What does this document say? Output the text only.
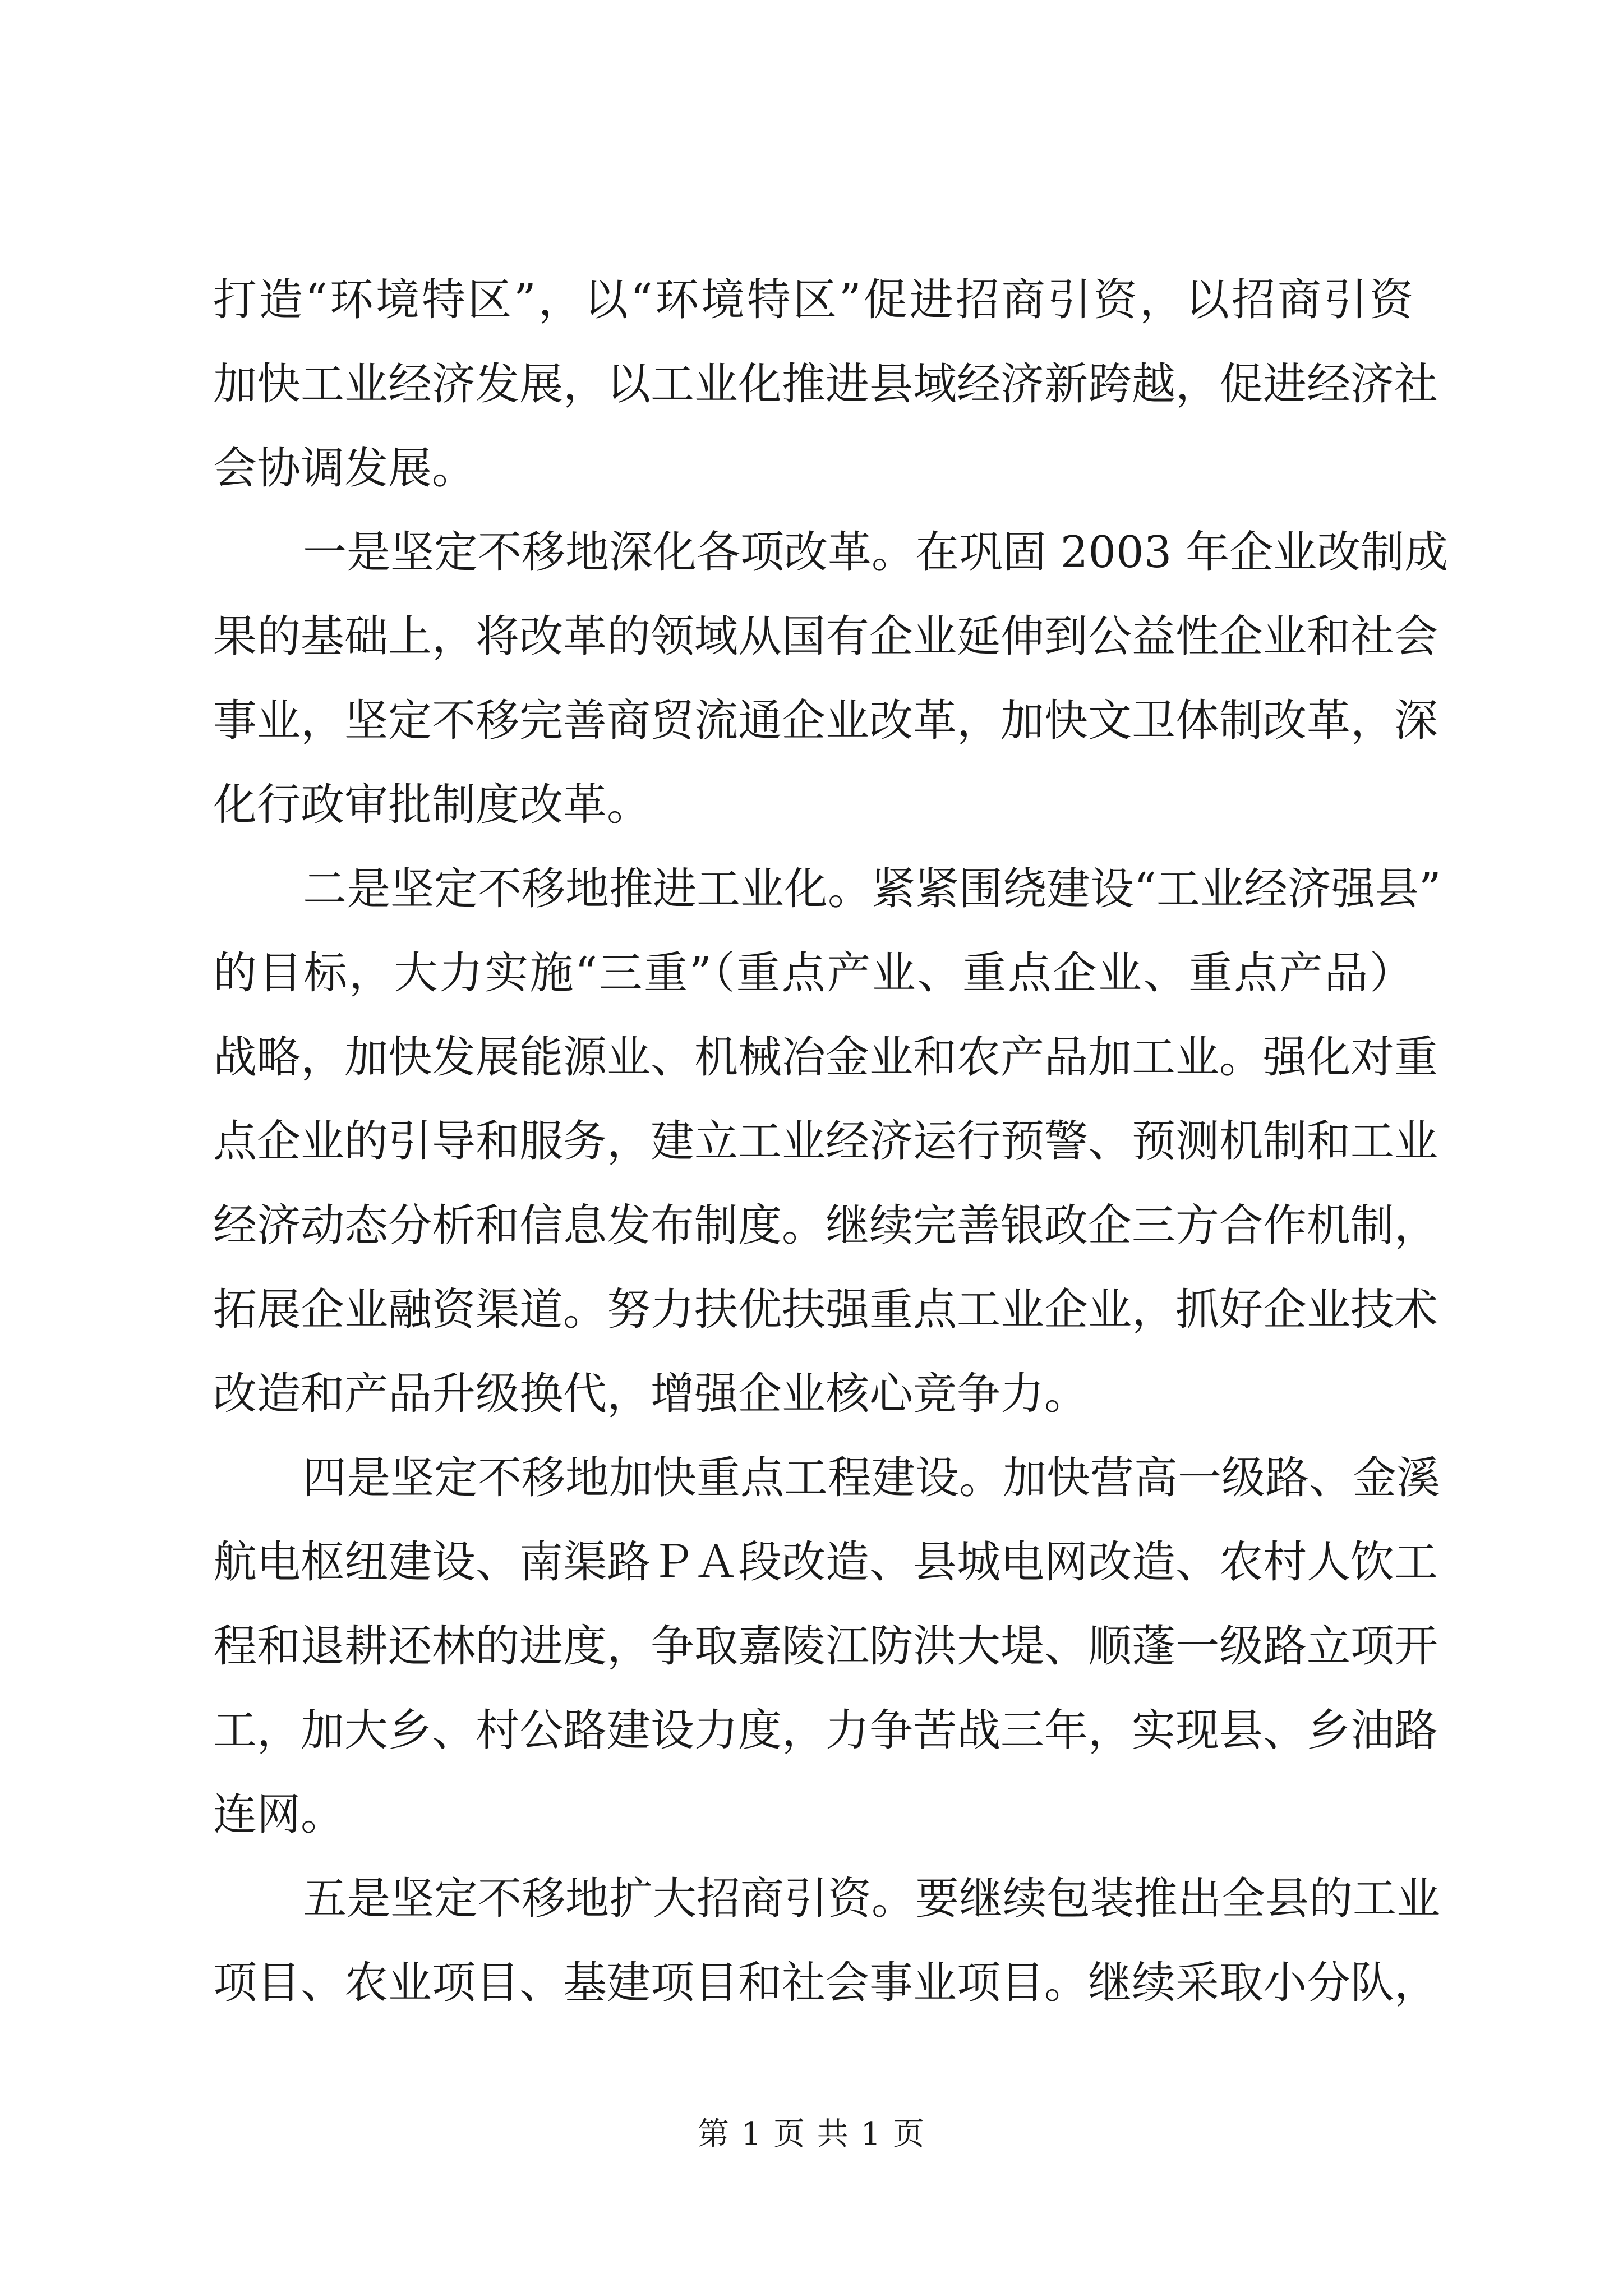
打造“环境特区”，以“环境特区”促进招商引资，以招商引资
加快工业经济发展，以工业化推进县域经济新跨越，促进经济社
会协调发展。
一是坚定不移地深化各项改革。在巩固 2003 年企业改制成
果的基础上，将改革的领域从国有企业延伸到公益性企业和社会
事业，坚定不移完善商贸流通企业改革，加快文卫体制改革，深
化行政审批制度改革。
二是坚定不移地推进工业化。紧紧围绕建设“工业经济强县”
的目标，大力实施“三重”（重点产业、重点企业、重点产品）
战略，加快发展能源业、机械冶金业和农产品加工业。强化对重
点企业的引导和服务，建立工业经济运行预警、预测机制和工业
经济动态分析和信息发布制度。继续完善银政企三方合作机制，
拓展企业融资渠道。努力扶优扶强重点工业企业，抓好企业技术
改造和产品升级换代，增强企业核心竞争力。
四是坚定不移地加快重点工程建设。加快营高一级路、金溪
航电枢纽建设、南渠路ＰＡ段改造、县城电网改造、农村人饮工
程和退耕还林的进度，争取嘉陵江防洪大堤、顺蓬一级路立项开
工，加大乡、村公路建设力度，力争苦战三年，实现县、乡油路
连网。
五是坚定不移地扩大招商引资。要继续包装推出全县的工业
项目、农业项目、基建项目和社会事业项目。继续采取小分队，
第 1 页 共 1 页
